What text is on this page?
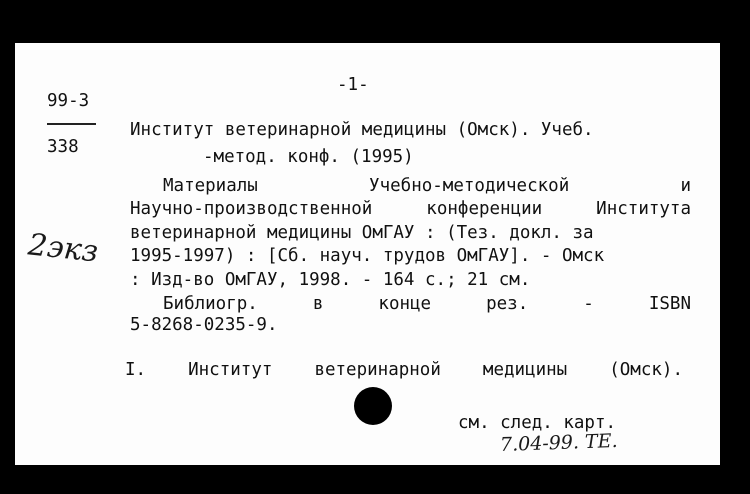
-1-
99-3
338
2экз
Институт ветеринарной медицины (Омск). Учеб.
-метод. конф. (1995)
Материалы	Учебно-методической	и
Научно-производственной	конференции	Института
ветеринарной медицины ОмГАУ : (Тез. докл. за
1995-1997) : [Сб. науч. трудов ОмГАУ]. - Омск
: Изд-во ОмГАУ, 1998. - 164 с.; 21 см.
Библиогр.	в	конце	рез.	-	ISBN
5-8268-0235-9.
I. Институт ветеринарной медицины (Омск).
см. след. карт.
7.04-99. ТЕ.
